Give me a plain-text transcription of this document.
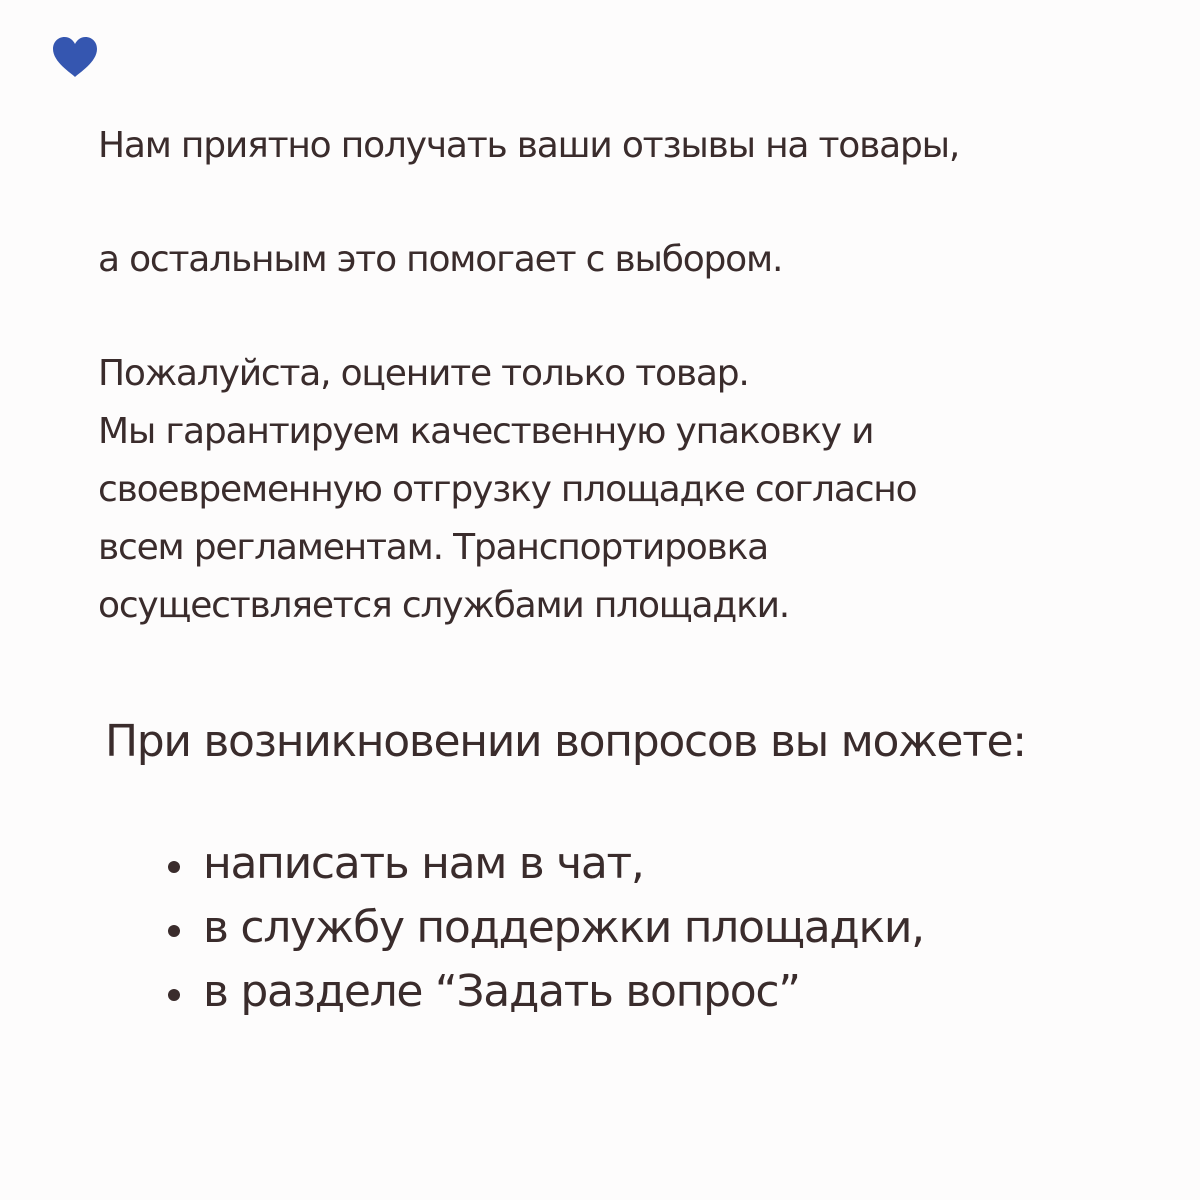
Нам приятно получать ваши отзывы на товары,

а остальным это помогает с выбором.

Пожалуйста, оцените только товар.
Мы гарантируем качественную упаковку и
своевременную отгрузку площадке согласно
всем регламентам. Транспортировка
осуществляется службами площадки.

При возникновении вопросов вы можете:
написать нам в чат,
в службу поддержки площадки,
в разделе “Задать вопрос”
